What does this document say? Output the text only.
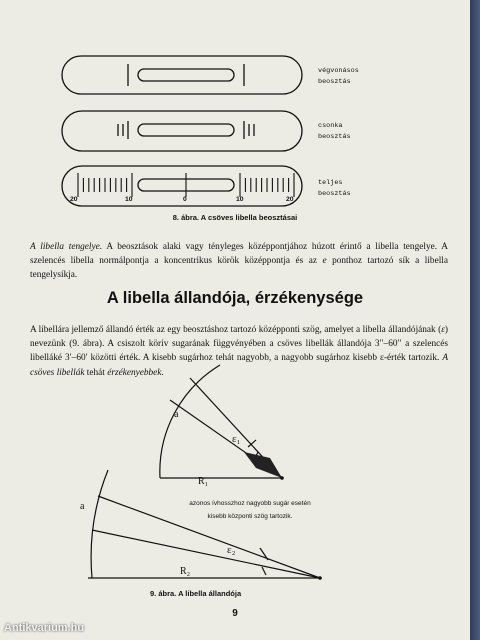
végvonásos
beosztás
csonka
beosztás
teljes
beosztás
20	10	0	10	20
8. ábra. A csöves libella beosztásai

A libella tengelye. A beosztások alaki vagy tényleges középpontjához húzott érintő a libella tengelye. A szelencés libella normálpontja a koncentrikus körök középpontja és az e ponthoz tartozó sík a libella tengelysíkja.

A libella állandója, érzékenysége

A libellára jellemző állandó érték az egy beosztáshoz tartozó középponti szög, amelyet a libella állandójának (ε) nevezünk (9. ábra). A csiszolt körív sugarának függvényében a csöves libellák állandója 3′′–60′′ a szelencés libelláké 3′–60′ közötti érték. A kisebb sugárhoz tehát nagyobb, a nagyobb sugárhoz kisebb ε-érték tartozik. A csöves libellák tehát érzékenyebbek.

a
ε₁
R₁
a
ε₂
R₂
azonos ívhosszhoz nagyobb sugár esetén
kisebb központi szög tartozik.
9. ábra. A libella állandója
9
Antikvarium.hu
